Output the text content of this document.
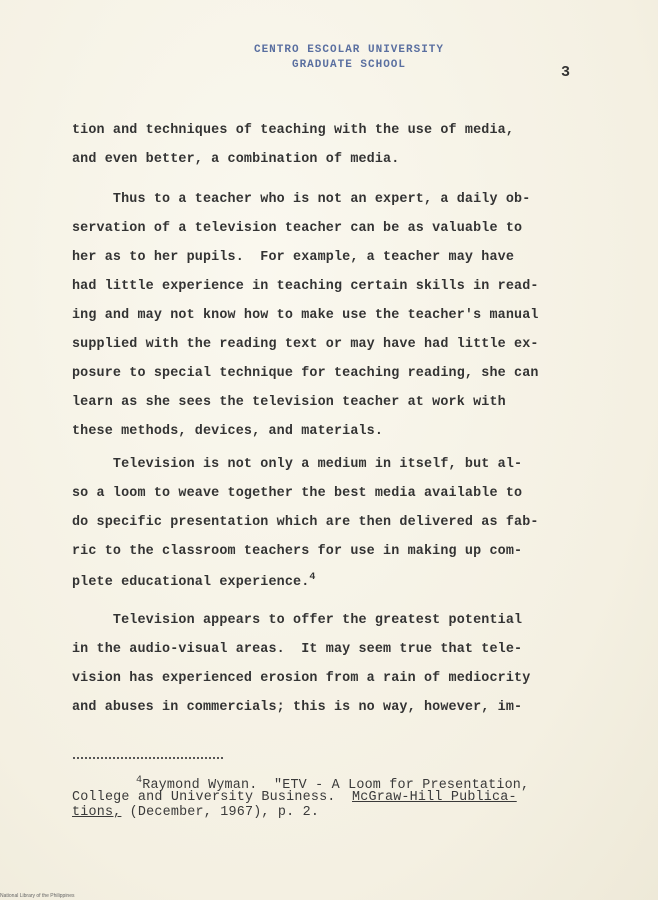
CENTRO ESCOLAR UNIVERSITY
GRADUATE SCHOOL	3
tion and techniques of teaching with the use of media,
and even better, a combination of media.
Thus to a teacher who is not an expert, a daily ob-
servation of a television teacher can be as valuable to
her as to her pupils.  For example, a teacher may have
had little experience in teaching certain skills in read-
ing and may not know how to make use the teacher's manual
supplied with the reading text or may have had little ex-
posure to special technique for teaching reading, she can
learn as she sees the television teacher at work with
these methods, devices, and materials.
Television is not only a medium in itself, but al-
so a loom to weave together the best media available to
do specific presentation which are then delivered as fab-
ric to the classroom teachers for use in making up com-
plete educational experience.$^4$
Television appears to offer the greatest potential
in the audio-visual areas.  It may seem true that tele-
vision has experienced erosion from a rain of mediocrity
and abuses in commercials; this is no way, however, im-
$^4$Raymond Wyman.  "ETV - A Loom for Presentation,
College and University Business.  McGraw-Hill Publica-
tions, (December, 1967), p. 2.
National Library of the Philippines
